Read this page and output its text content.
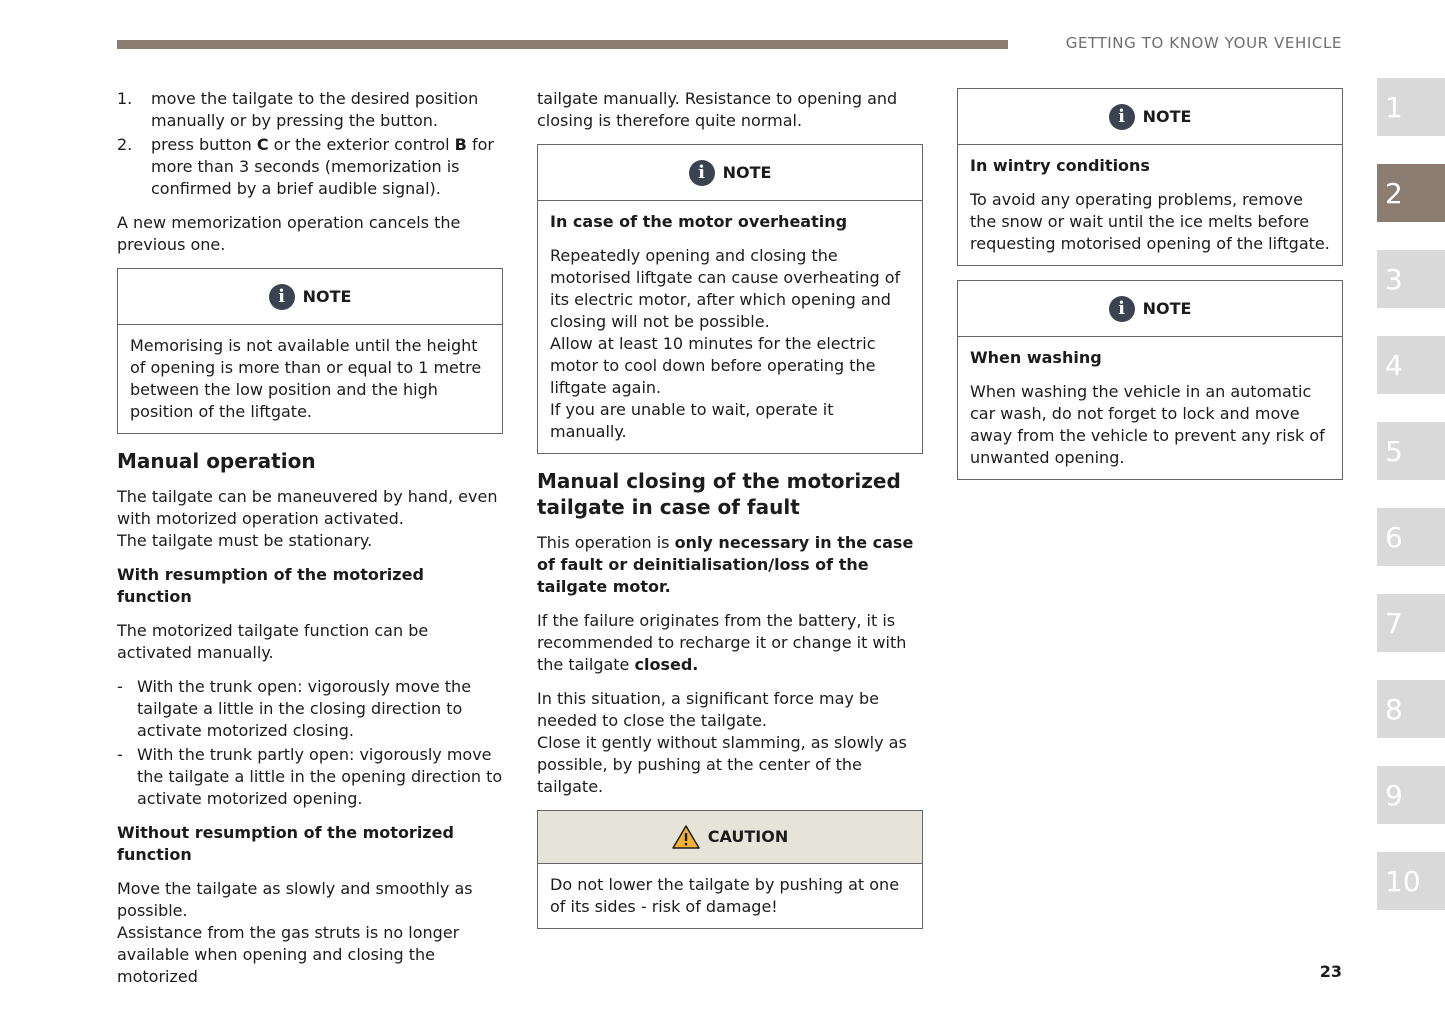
GETTING TO KNOW YOUR VEHICLE
1. move the tailgate to the desired position manually or by pressing the button.
2. press button C or the exterior control B for more than 3 seconds (memorization is confirmed by a brief audible signal).

A new memorization operation cancels the previous one.

i	NOTE

Memorising is not available until the height of opening is more than or equal to 1 metre between the low position and the high position of the liftgate.

Manual operation

The tailgate can be maneuvered by hand, even with motorized operation activated.
The tailgate must be stationary.

With resumption of the motorized function

The motorized tailgate function can be activated manually.

- With the trunk open: vigorously move the tailgate a little in the closing direction to activate motorized closing.
- With the trunk partly open: vigorously move the tailgate a little in the opening direction to activate motorized opening.
Without resumption of the motorized function

Move the tailgate as slowly and smoothly as possible.
Assistance from the gas struts is no longer available when opening and closing the motorized

tailgate manually. Resistance to opening and closing is therefore quite normal.

i	NOTE

In case of the motor overheating

Repeatedly opening and closing the motorised liftgate can cause overheating of its electric motor, after which opening and closing will not be possible.
Allow at least 10 minutes for the electric motor to cool down before operating the liftgate again.
If you are unable to wait, operate it manually.

Manual closing of the motorized tailgate in case of fault

This operation is only necessary in the case of fault or deinitialisation/loss of the tailgate motor.

If the failure originates from the battery, it is recommended to recharge it or change it with the tailgate closed.

In this situation, a significant force may be needed to close the tailgate.
Close it gently without slamming, as slowly as possible, by pushing at the center of the tailgate.

CAUTION

Do not lower the tailgate by pushing at one of its sides - risk of damage!

i	NOTE

In wintry conditions

To avoid any operating problems, remove the snow or wait until the ice melts before requesting motorised opening of the liftgate.

i	NOTE

When washing

When washing the vehicle in an automatic car wash, do not forget to lock and move away from the vehicle to prevent any risk of unwanted opening.

1
2
3
4
5
6
7
8
9
10
23
